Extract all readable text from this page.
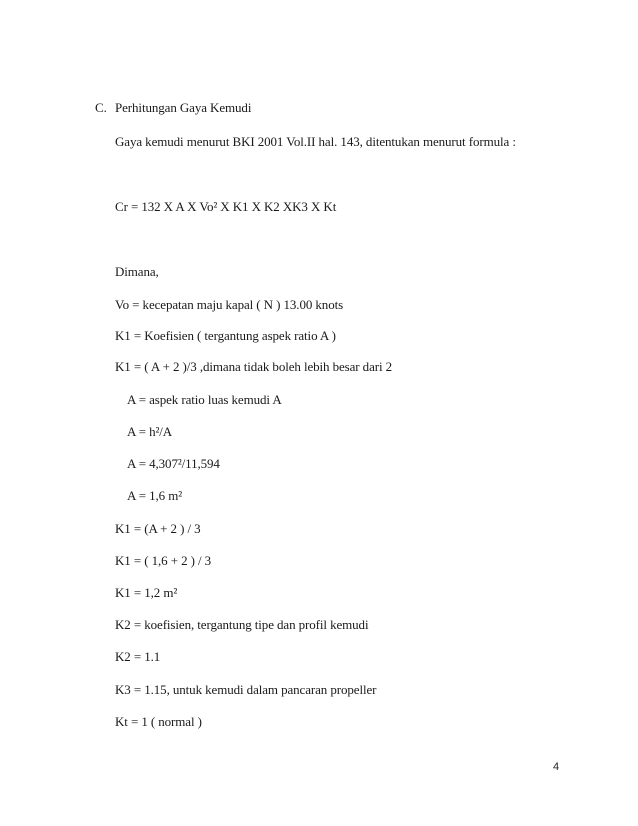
C. Perhitungan Gaya Kemudi
Gaya kemudi menurut BKI 2001 Vol.II hal. 143, ditentukan menurut formula :
Cr = 132 X A X Vo² X K1 X K2 XK3 X Kt
Dimana,
Vo = kecepatan maju kapal ( N ) 13.00 knots
K1 = Koefisien ( tergantung aspek ratio A )
K1 = ( A + 2 )/3 ,dimana tidak boleh lebih besar dari 2
A = aspek ratio luas kemudi A
A = h²/A
A = 4,307²/11,594
A = 1,6 m²
K1 = (A + 2 ) / 3
K1 = ( 1,6 + 2 ) / 3
K1 = 1,2 m²
K2 = koefisien, tergantung tipe dan profil kemudi
K2 = 1.1
K3 = 1.15, untuk kemudi dalam pancaran propeller
Kt = 1 ( normal )
4
